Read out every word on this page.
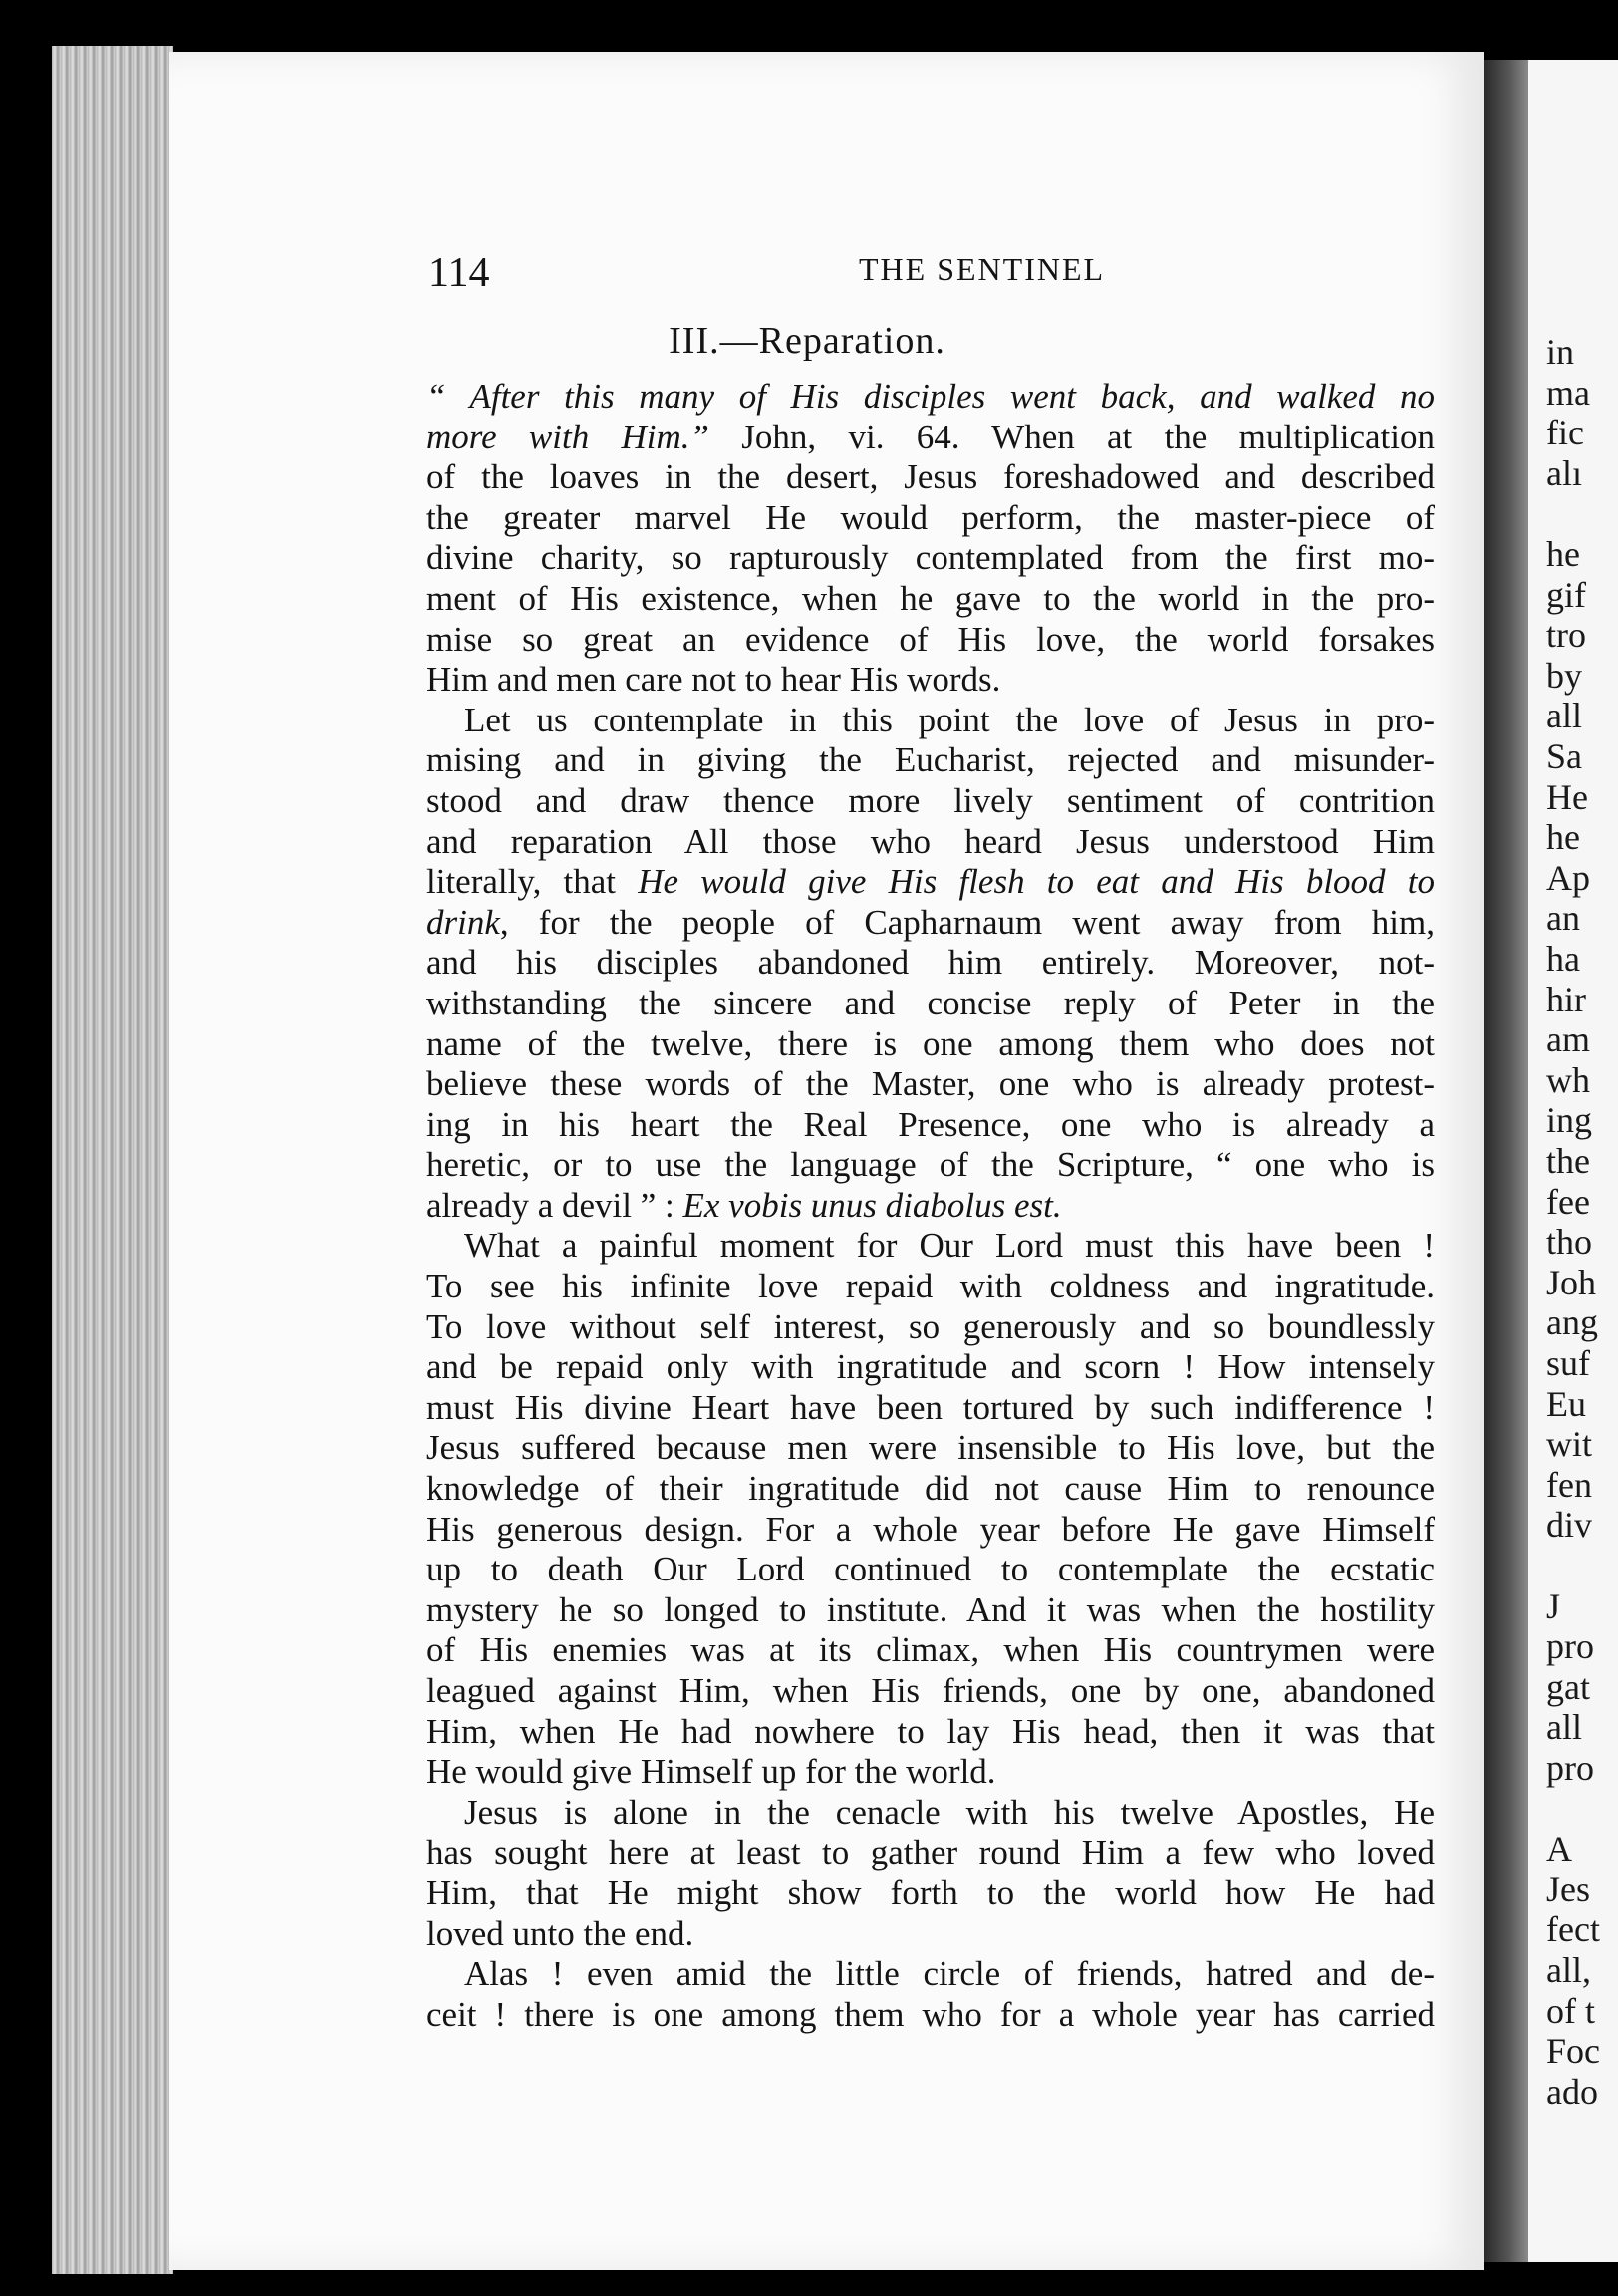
114	THE SENTINEL
III.—Reparation.
“ After this many of His disciples went back, and walked no
more with Him.” John, vi. 64. When at the multiplication
of the loaves in the desert, Jesus foreshadowed and described
the greater marvel He would perform, the master-piece of
divine charity, so rapturously contemplated from the first mo-
ment of His existence, when he gave to the world in the pro-
mise so great an evidence of His love, the world forsakes
Him and men care not to hear His words.
Let us contemplate in this point the love of Jesus in pro-
mising and in giving the Eucharist, rejected and misunder-
stood and draw thence more lively sentiment of contrition
and reparation All those who heard Jesus understood Him
literally, that He would give His flesh to eat and His blood to
drink, for the people of Capharnaum went away from him,
and his disciples abandoned him entirely. Moreover, not-
withstanding the sincere and concise reply of Peter in the
name of the twelve, there is one among them who does not
believe these words of the Master, one who is already protest-
ing in his heart the Real Presence, one who is already a
heretic, or to use the language of the Scripture, “ one who is
already a devil ” : Ex vobis unus diabolus est.
What a painful moment for Our Lord must this have been !
To see his infinite love repaid with coldness and ingratitude.
To love without self interest, so generously and so boundlessly
and be repaid only with ingratitude and scorn ! How intensely
must His divine Heart have been tortured by such indifference !
Jesus suffered because men were insensible to His love, but the
knowledge of their ingratitude did not cause Him to renounce
His generous design. For a whole year before He gave Himself
up to death Our Lord continued to contemplate the ecstatic
mystery he so longed to institute. And it was when the hostility
of His enemies was at its climax, when His countrymen were
leagued against Him, when His friends, one by one, abandoned
Him, when He had nowhere to lay His head, then it was that
He would give Himself up for the world.
Jesus is alone in the cenacle with his twelve Apostles, He
has sought here at least to gather round Him a few who loved
Him, that He might show forth to the world how He had
loved unto the end.
Alas ! even amid the little circle of friends, hatred and de-
ceit ! there is one among them who for a whole year has carried
in
ma
fic
alı
he
gif
tro
by
all
Sa
He
he
Ap
an
ha
hir
am
wh
ing
the
fee
tho
Joh
ang
suf
Eu
wit
fen
div
J
pro
gat
all
pro
A
Jes
fect
all,
of t
Foc
ado
